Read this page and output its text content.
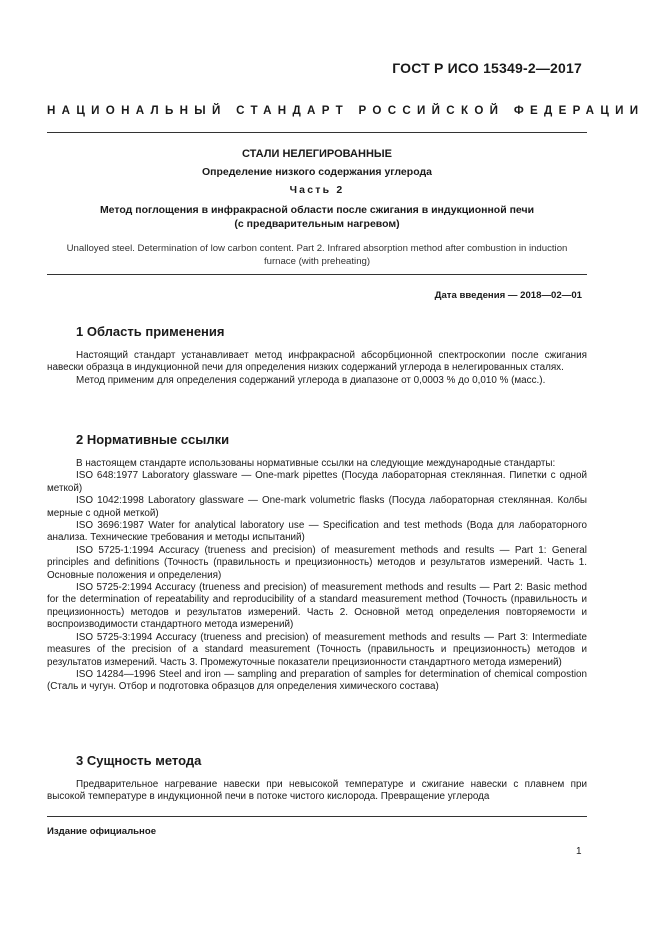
ГОСТ Р ИСО 15349-2—2017
НАЦИОНАЛЬНЫЙ СТАНДАРТ РОССИЙСКОЙ ФЕДЕРАЦИИ
СТАЛИ НЕЛЕГИРОВАННЫЕ
Определение низкого содержания углерода
Часть 2
Метод поглощения в инфракрасной области после сжигания в индукционной печи
(с предварительным нагревом)
Unalloyed steel. Determination of low carbon content. Part 2. Infrared absorption method after combustion in induction
furnace (with preheating)
Дата введения — 2018—02—01
1 Область применения

Настоящий стандарт устанавливает метод инфракрасной абсорбционной спектроскопии после сжигания навески образца в индукционной печи для определения низких содержаний углерода в нелегированных сталях.

Метод применим для определения содержаний углерода в диапазоне от 0,0003 % до 0,010 % (масс.).

2 Нормативные ссылки

В настоящем стандарте использованы нормативные ссылки на следующие международные стандарты:

ISO 648:1977 Laboratory glassware — One-mark pipettes (Посуда лабораторная стеклянная. Пипетки с одной меткой)

ISO 1042:1998 Laboratory glassware — One-mark volumetric flasks (Посуда лабораторная стеклянная. Колбы мерные с одной меткой)

ISO 3696:1987 Water for analytical laboratory use — Specification and test methods (Вода для лабораторного анализа. Технические требования и методы испытаний)

ISO 5725-1:1994 Accuracy (trueness and precision) of measurement methods and results — Part 1: General principles and definitions (Точность (правильность и прецизионность) методов и результатов измерений. Часть 1. Основные положения и определения)

ISO 5725-2:1994 Accuracy (trueness and precision) of measurement methods and results — Part 2: Basic method for the determination of repeatability and reproducibility of a standard measurement method (Точность (правильность и прецизионность) методов и результатов измерений. Часть 2. Основной метод определения повторяемости и воспроизводимости стандартного метода измерений)

ISO 5725-3:1994 Accuracy (trueness and precision) of measurement methods and results — Part 3: Intermediate measures of the precision of a standard measurement (Точность (правильность и прецизионность) методов и результатов измерений. Часть 3. Промежуточные показатели прецизионности стандартного метода измерений)

ISO 14284—1996 Steel and iron — sampling and preparation of samples for determination of chemical compostion (Сталь и чугун. Отбор и подготовка образцов для определения химического состава)

3 Сущность метода

Предварительное нагревание навески при невысокой температуре и сжигание навески с плавнем при высокой температуре в индукционной печи в потоке чистого кислорода. Превращение углерода

Издание официальное
1
